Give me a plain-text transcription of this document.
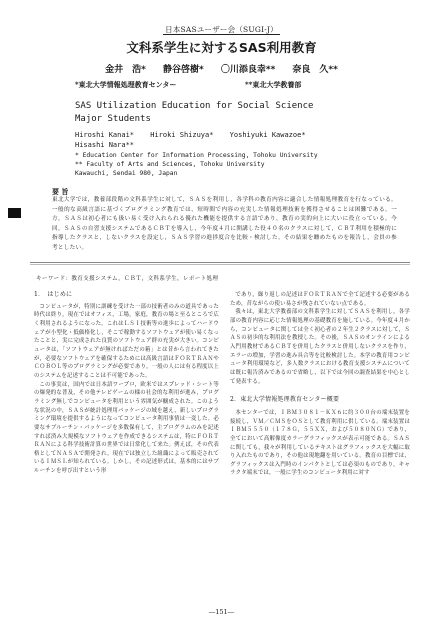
日本SASユーザー会（SUGI-J）
文科系学生に対するSAS利用教育
金井　浩* 静谷啓樹* 〇川添良幸** 奈良　久**
*東北大学情報処理教育センター	**東北大学教養部
SAS Utilization Education for Social Science
Major Students
Hiroshi Kanai* Hiroki Shizuya* Yoshiyuki Kawazoe*
Hisashi Nara**
* Education Center for Information Processing, Tohoku University
** Faculty of Arts and Sciences, Tohoku University
Kawauchi, Sendai 980, Japan
要 旨
東北大学では，教養部段階の文科系学生に対して，ＳＡＳを利用し，各学科の教育内容に適合した情報処理教育を行なっている。一般的な高級言語に基づくプログラミング教育では，短時間で内容の充実した情報処理技術を獲得させることは困難である。一方，ＳＡＳは初心者にも扱い易く受け入れられる優れた機能を提供する言語であり，教育の実的向上に大いに役立っている。今回，ＳＡＳの自習支援システムであるＣＢＴを導入し，今年度４月に開講した役４０名のクラスに対して，ＣＢＴ利用を積極的に指導したクラスと，しないクラスを設定し，ＳＡＳ学習の進捗度合を比較・検討した。その結果を纏めたものを報告し，会員の参考としたい。
キーワード：教育支援システム，ＣＢＴ，文科系学生，レポート処理
1．　はじめに

コンピュータが，特別に訓練を受けた一部の技術者のみの道具であった時代は終り，現在ではオフィス，工場，家庭，教育の場と至るところで広く利用されるようになった。これはＬＳＩ技術等の進歩によってハードウェアが小型化・低価格化し，そこで稼動するソフトウェアが使い易くなったことと，実に完成された良質のソフトウェア群の充実が大きい。コンピュータは，「ソフトウェアが無ければただの箱」とは昔から言われてきたが，必要なソフトウェアを確保するためには高級言語はＦＯＲＴＲＡＮやＣＯＢＯＬ等のプログラミングが必要であり，一般の人には有る程度以上のシステムを記述することは不可能であった。

この事実は，国内では日本語ワープロ，欧米ではスプレッド・シート等の爆発的な普及，その他テレビゲームの様の社会的な利用が進み，プログラミング無しでコンピュータを利用という雰囲気が醸成された。このような状況の中，ＳＡＳが統計処理用パッケージの域を越え，新しいプログラミング環境を提供するようになってコンピュータ利用事情は一変した。必要なサブルーチン・パッケージを多数保有して，主プログラムのみを記述すれば済み大規模なソフトウェアを作成できるシステムは，特にＦＯＲＴＲＡＮによる科学技術計算の世界では日常化して来た。例えば，その代表格としてＮＡＳＡで開発され，現在では独立した組織によって販売されているＩＭＳＬが知られている。しかし，その記述形式は，基本的にはサブルーチンを呼び出すという形

であり，繰り返しの記述はＦＯＲＴＲＡＮで全て記述する必要があるため，昔ながらの使い易さが残されていない点である。

我々は，東北大学教養部の文科系学生に対してＳＡＳを利用し，各学部の教育内容に応じた情報処理の基礎教育を施している。今年度４月から，コンピュータに関しては全く初心者の２年生２クラスに対して，ＳＡＳの初歩的な利用法を教授した。その後，ＳＡＳのオンラインによる入門用教材であるＣＢＴを併用したクラスと併用しないクラスを作り，エラーの増加，学習の進み具合等を比較検討した。本学の教育用コンピュータ利用環境など，多人数クラスにおける教育支援システムについては既に報告済みであるので省略し，以下では今回の調査結果を中心として発表する。

2．東北大学情報処理教育センター概要

本センターでは，ＩＢＭ３０８１－ＫＸ６に約３００台の端末装置を接続し，ＶＭ／ＣＭＳをＯＳとして教育利用に供している。端末装置はＩＢＭ５５５０（１７８Ｇ，５５ＸＸ，および５０８０ＮＧ）であり，全てにおいて高解像度カラーグラフィックスが表示可能である。ＳＡＳに関しても，我々が利用しているテキストはグラフィックスを大幅に取り入れたものであり，その他は現地翻を用いている。教育の目標では，グラフィックスは入門時のインパクトとしては必須のものであり，キャラクタ端末では，一般に学生のコンピュータ利用に対す

―151―
